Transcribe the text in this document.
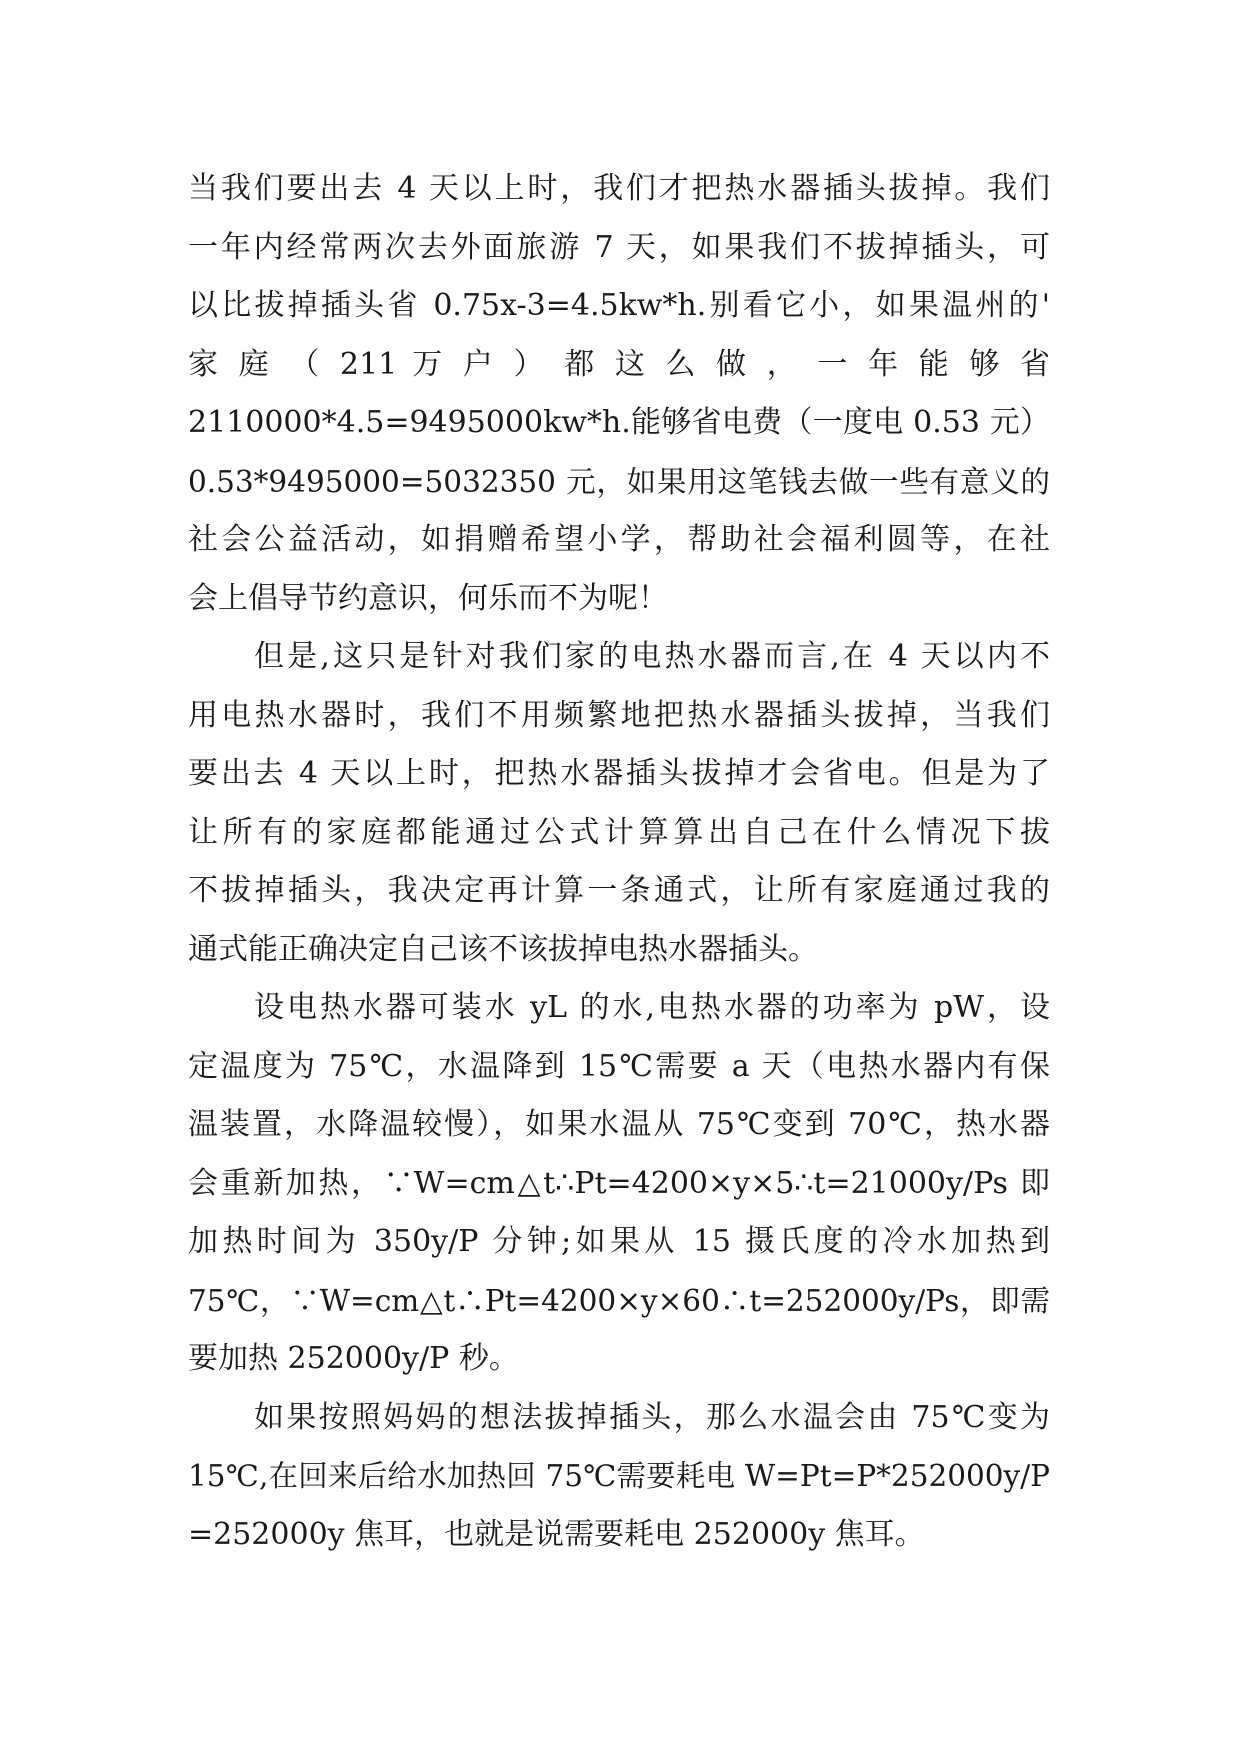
当我们要出去 4 天以上时，我们才把热水器插头拔掉。我们
一年内经常两次去外面旅游 7 天，如果我们不拔掉插头，可
以比拔掉插头省 0.75x-3=4.5kw*h.别看它小，如果温州的'
家 庭 （ 211 万 户 ） 都 这 么 做 ， 一 年 能 够 省
2110000*4.5=9495000kw*h.能够省电费（一度电 0.53 元）
0.53*9495000=5032350 元，如果用这笔钱去做一些有意义的
社会公益活动，如捐赠希望小学，帮助社会福利圆等，在社
会上倡导节约意识，何乐而不为呢！
但是,这只是针对我们家的电热水器而言,在 4 天以内不
用电热水器时，我们不用频繁地把热水器插头拔掉，当我们
要出去 4 天以上时，把热水器插头拔掉才会省电。但是为了
让所有的家庭都能通过公式计算算出自己在什么情况下拔
不拔掉插头，我决定再计算一条通式，让所有家庭通过我的
通式能正确决定自己该不该拔掉电热水器插头。
设电热水器可装水 yL 的水,电热水器的功率为 pW，设
定温度为 75℃，水温降到 15℃需要 a 天（电热水器内有保
温装置，水降温较慢），如果水温从 75℃变到 70℃，热水器
会重新加热，∵W=cm△t∴Pt=4200×y×5∴t=21000y/Ps 即
加热时间为 350y/P 分钟;如果从 15 摄氏度的冷水加热到
75℃，∵W=cm△t∴Pt=4200×y×60∴t=252000y/Ps，即需
要加热 252000y/P 秒。
如果按照妈妈的想法拔掉插头，那么水温会由 75℃变为
15℃,在回来后给水加热回 75℃需要耗电 W=Pt=P*252000y/P
=252000y 焦耳，也就是说需要耗电 252000y 焦耳。
